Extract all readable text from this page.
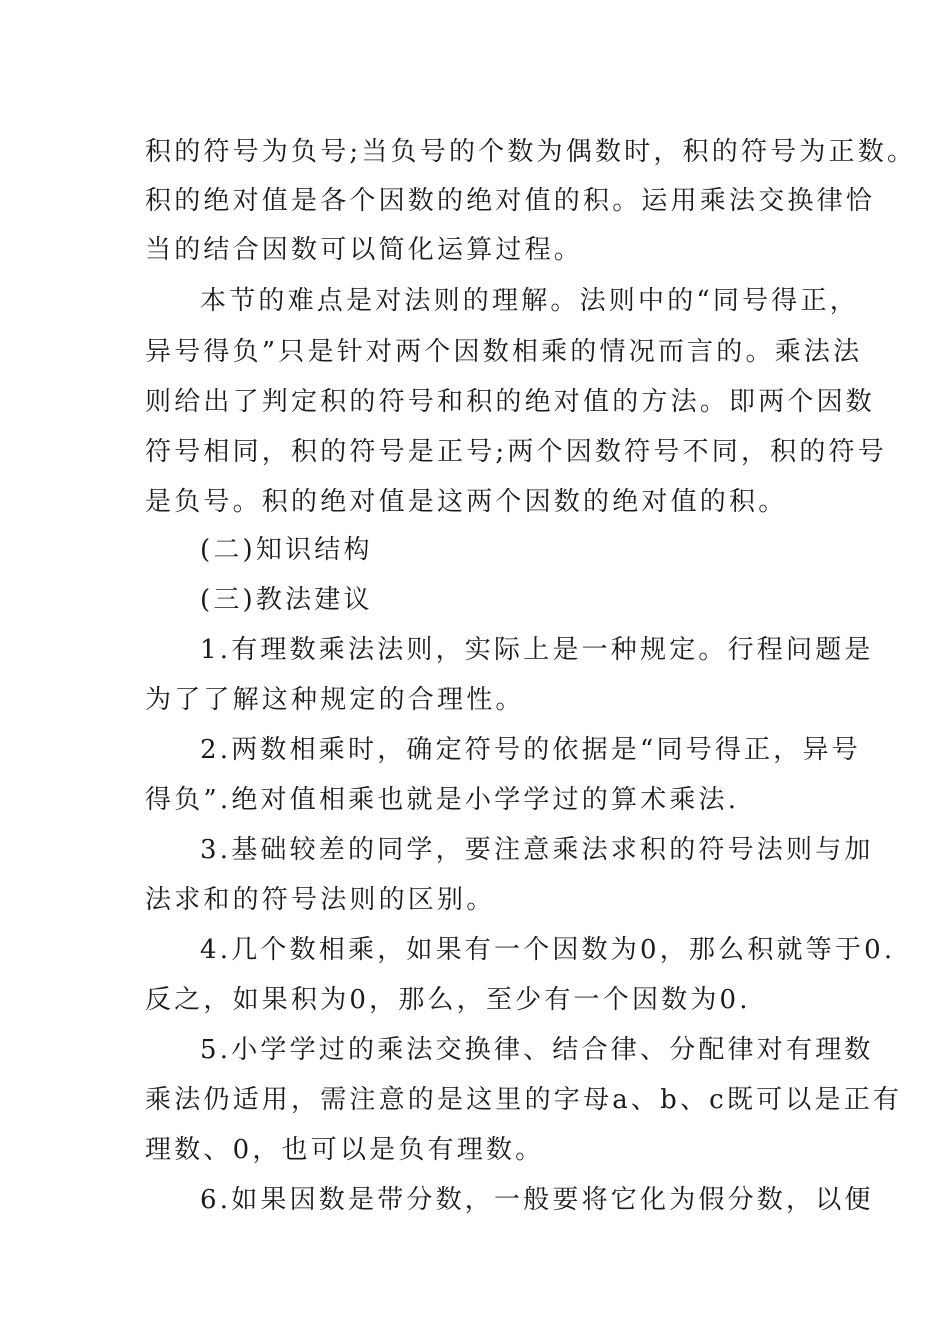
积的符号为负号;当负号的个数为偶数时，积的符号为正数。
积的绝对值是各个因数的绝对值的积。运用乘法交换律恰
当的结合因数可以简化运算过程。
本节的难点是对法则的理解。法则中的“同号得正，
异号得负”只是针对两个因数相乘的情况而言的。乘法法
则给出了判定积的符号和积的绝对值的方法。即两个因数
符号相同，积的符号是正号;两个因数符号不同，积的符号
是负号。积的绝对值是这两个因数的绝对值的积。
(二)知识结构
(三)教法建议
1.有理数乘法法则，实际上是一种规定。行程问题是
为了了解这种规定的合理性。
2.两数相乘时，确定符号的依据是“同号得正，异号
得负”.绝对值相乘也就是小学学过的算术乘法.
3.基础较差的同学，要注意乘法求积的符号法则与加
法求和的符号法则的区别。
4.几个数相乘，如果有一个因数为0，那么积就等于0.
反之，如果积为0，那么，至少有一个因数为0.
5.小学学过的乘法交换律、结合律、分配律对有理数
乘法仍适用，需注意的是这里的字母a、b、c既可以是正有
理数、0，也可以是负有理数。
6.如果因数是带分数，一般要将它化为假分数，以便
